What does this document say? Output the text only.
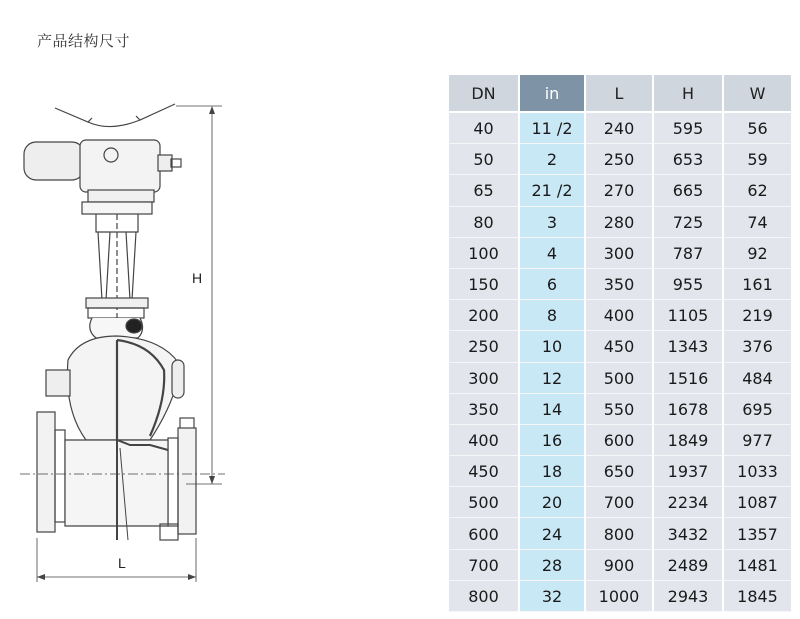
产品结构尺寸
H
L
DN	in	L	H	W
40	11 /2	240	595	56
50	2	250	653	59
65	21 /2	270	665	62
80	3	280	725	74
100	4	300	787	92
150	6	350	955	161
200	8	400	1105	219
250	10	450	1343	376
300	12	500	1516	484
350	14	550	1678	695
400	16	600	1849	977
450	18	650	1937	1033
500	20	700	2234	1087
600	24	800	3432	1357
700	28	900	2489	1481
800	32	1000	2943	1845
